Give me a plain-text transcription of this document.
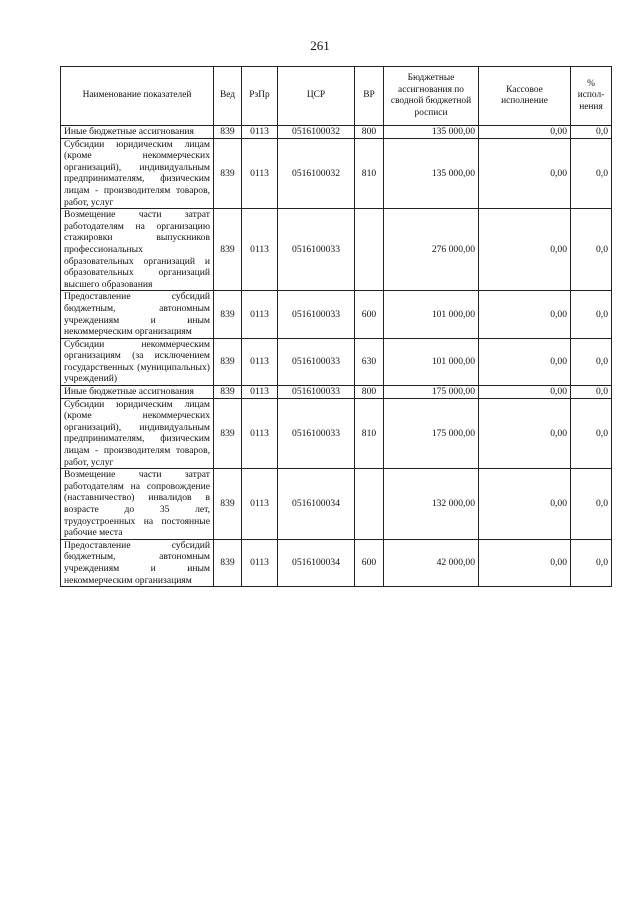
261
Наименование показателей	Вед	РзПр	ЦСР	ВР	Бюджетные ассигнования по сводной бюджетной росписи	Кассовое исполнение	% испол-нения
Иные бюджетные ассигнования	839	0113	0516100032	800	135 000,00	0,00	0,0
Субсидии юридическим лицам (кроме некоммерческих организаций), индивидуальным предпринимателям, физическим лицам - производителям товаров, работ, услуг	839	0113	0516100032	810	135 000,00	0,00	0,0
Возмещение части затрат работодателям на организацию стажировки выпускников профессиональных образовательных организаций и образовательных организаций высшего образования	839	0113	0516100033		276 000,00	0,00	0,0
Предоставление субсидий бюджетным, автономным учреждениям и иным некоммерческим организациям	839	0113	0516100033	600	101 000,00	0,00	0,0
Субсидии некоммерческим организациям (за исключением государственных (муниципальных) учреждений)	839	0113	0516100033	630	101 000,00	0,00	0,0
Иные бюджетные ассигнования	839	0113	0516100033	800	175 000,00	0,00	0,0
Субсидии юридическим лицам (кроме некоммерческих организаций), индивидуальным предпринимателям, физическим лицам - производителям товаров, работ, услуг	839	0113	0516100033	810	175 000,00	0,00	0,0
Возмещение части затрат работодателям на сопровождение (наставничество) инвалидов в возрасте до 35 лет, трудоустроенных на постоянные рабочие места	839	0113	0516100034		132 000,00	0,00	0,0
Предоставление субсидий бюджетным, автономным учреждениям и иным некоммерческим организациям	839	0113	0516100034	600	42 000,00	0,00	0,0
